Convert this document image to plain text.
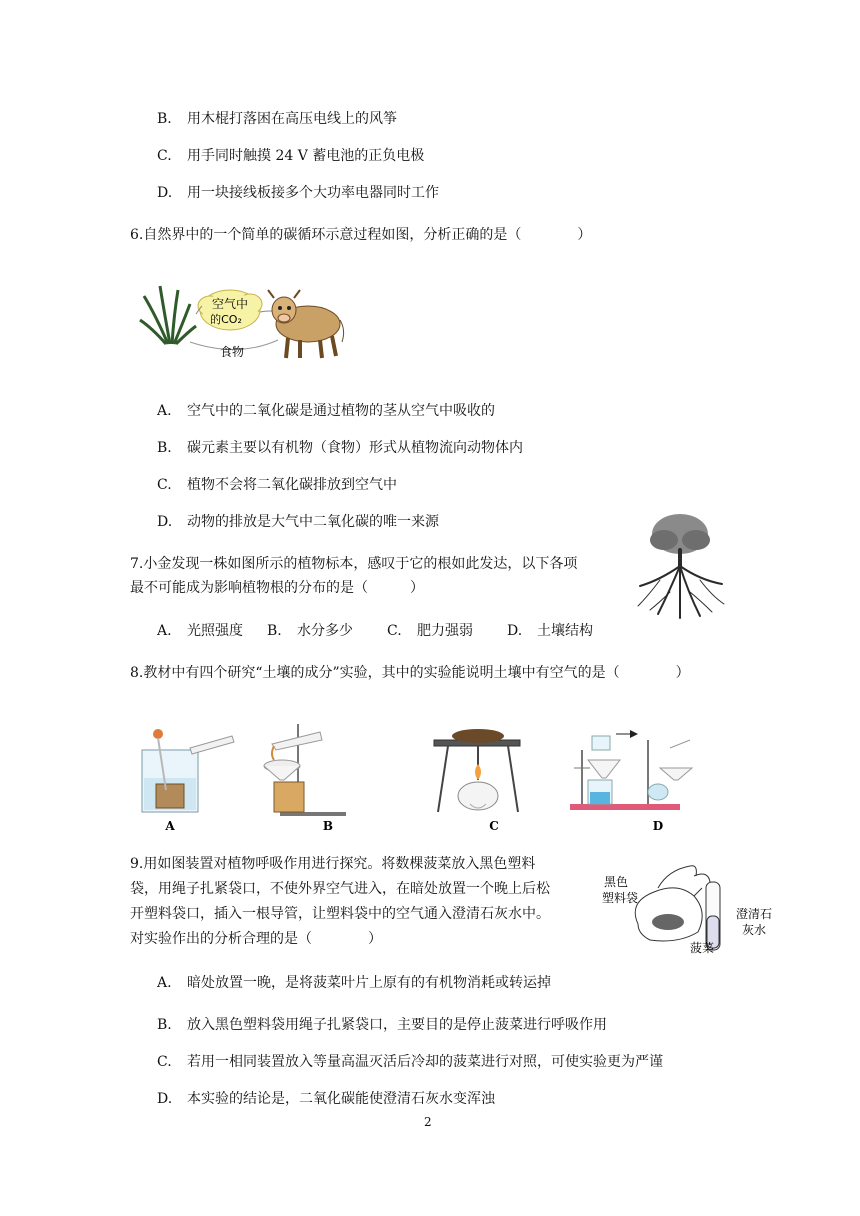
B. 用木棍打落困在高压电线上的风筝
C. 用手同时触摸 24 V 蓄电池的正负电极
D. 用一块接线板接多个大功率电器同时工作
6.自然界中的一个简单的碳循环示意过程如图，分析正确的是（　　　　）
空气中
的CO₂
食物
A. 空气中的二氧化碳是通过植物的茎从空气中吸收的
B. 碳元素主要以有机物（食物）形式从植物流向动物体内
C. 植物不会将二氧化碳排放到空气中
D. 动物的排放是大气中二氧化碳的唯一来源
7.小金发现一株如图所示的植物标本，感叹于它的根如此发达，以下各项
最不可能成为影响植物根的分布的是（　　　）
A. 光照强度 B. 水分多少 C. 肥力强弱 D. 土壤结构
8.教材中有四个研究“土壤的成分”实验，其中的实验能说明土壤中有空气的是（　　　　）
A	B	C	D
9.用如图装置对植物呼吸作用进行探究。将数棵菠菜放入黑色塑料
袋，用绳子扎紧袋口，不使外界空气进入，在暗处放置一个晚上后松
开塑料袋口，插入一根导管，让塑料袋中的空气通入澄清石灰水中。
对实验作出的分析合理的是（　　　　）
黑色
塑料袋
澄清石
灰水
菠菜
A. 暗处放置一晚，是将菠菜叶片上原有的有机物消耗或转运掉
B. 放入黑色塑料袋用绳子扎紧袋口，主要目的是停止菠菜进行呼吸作用
C. 若用一相同装置放入等量高温灭活后冷却的菠菜进行对照，可使实验更为严谨
D. 本实验的结论是，二氧化碳能使澄清石灰水变浑浊
2
